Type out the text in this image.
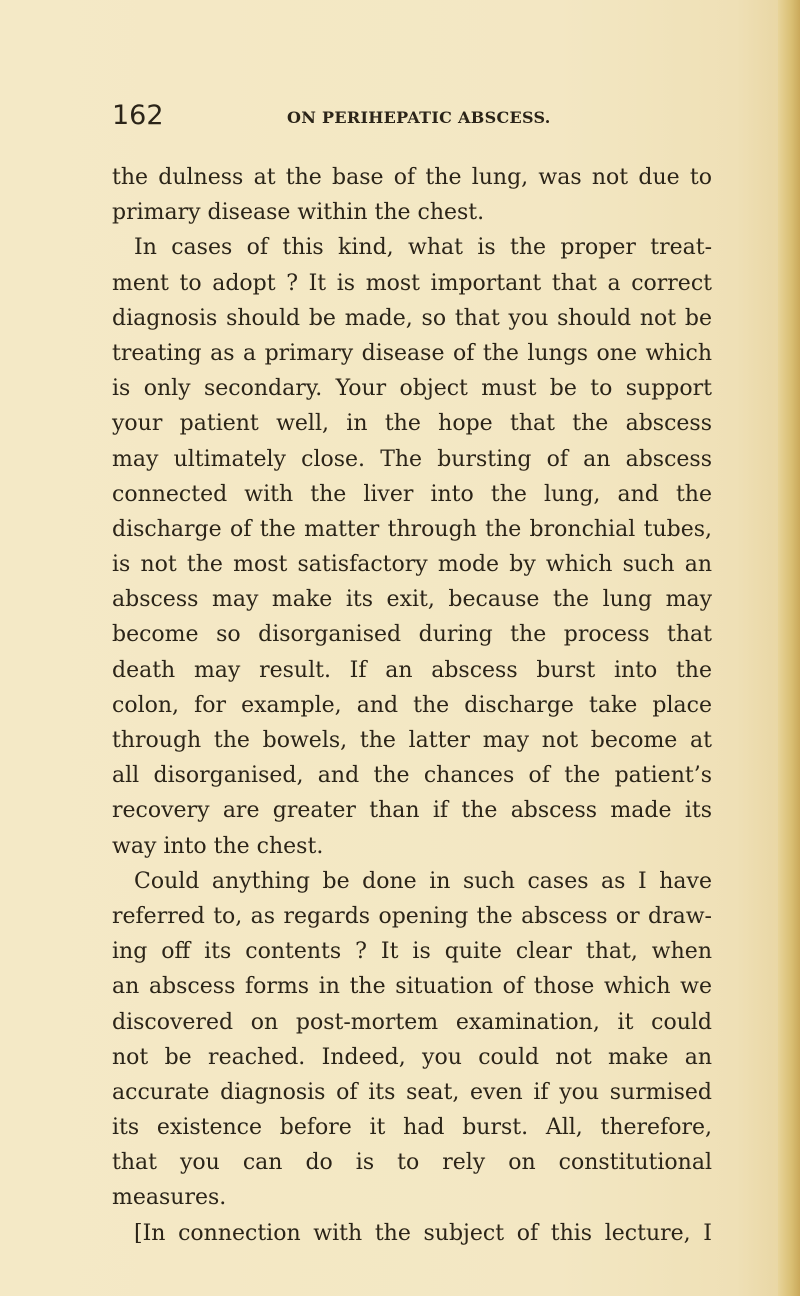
162	ON PERIHEPATIC ABSCESS.
the dulness at the base of the lung, was not due to
primary disease within the chest.
In cases of this kind, what is the proper treat-
ment to adopt ? It is most important that a correct
diagnosis should be made, so that you should not be
treating as a primary disease of the lungs one which
is only secondary. Your object must be to support
your patient well, in the hope that the abscess
may ultimately close. The bursting of an abscess
connected with the liver into the lung, and the
discharge of the matter through the bronchial tubes,
is not the most satisfactory mode by which such an
abscess may make its exit, because the lung may
become so disorganised during the process that
death may result. If an abscess burst into the
colon, for example, and the discharge take place
through the bowels, the latter may not become at
all disorganised, and the chances of the patient’s
recovery are greater than if the abscess made its
way into the chest.
Could anything be done in such cases as I have
referred to, as regards opening the abscess or draw-
ing off its contents ? It is quite clear that, when
an abscess forms in the situation of those which we
discovered on post-mortem examination, it could
not be reached. Indeed, you could not make an
accurate diagnosis of its seat, even if you surmised
its existence before it had burst. All, therefore,
that you can do is to rely on constitutional
measures.
[In connection with the subject of this lecture, I
